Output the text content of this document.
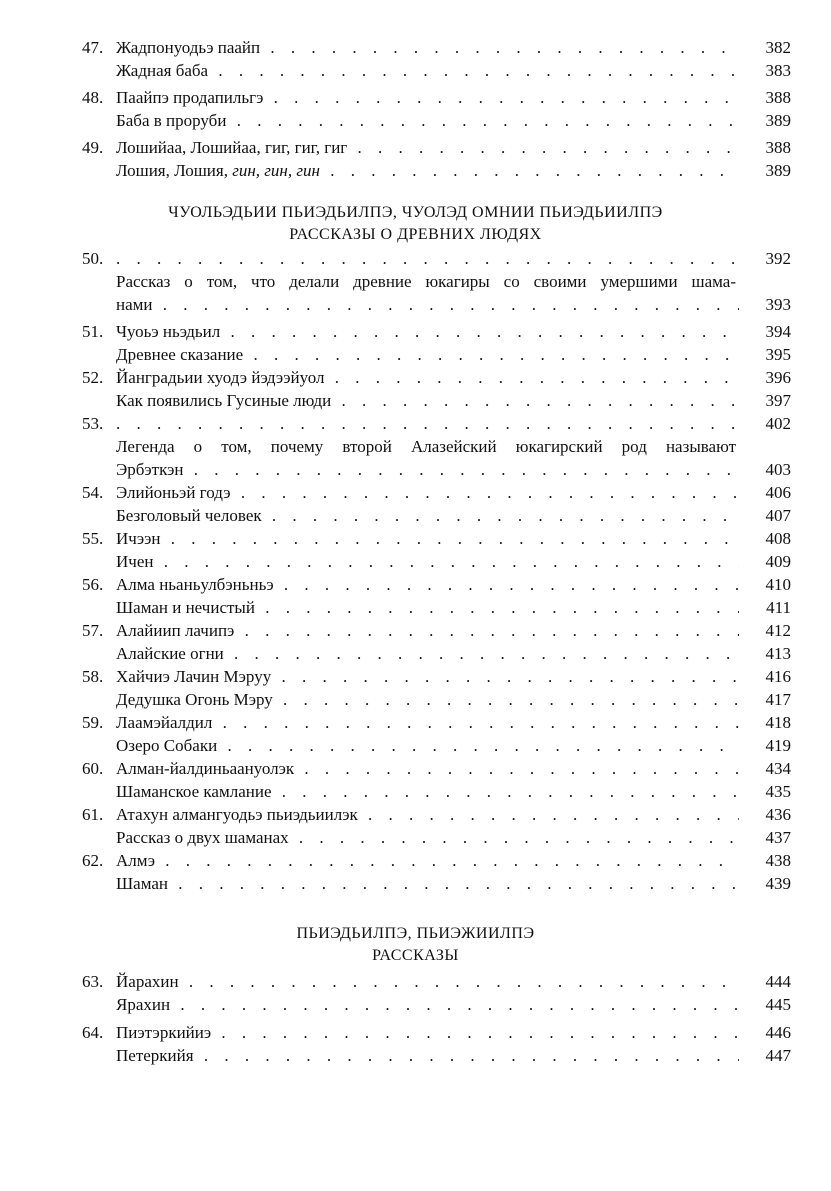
47. Жадпонуодьэ паайп . . .	382
Жадная баба . . .	383
48. Паайпэ продапильгэ . . .	388
Баба в проруби . . .	389
49. Лошийаа, Лошийаа, гиг, гиг, гиг . . .	388
Лошия, Лошия, гин, гин, гин . . .	389
ЧУОЛЬЭДЬИИ ПЬИЭДЬИЛПЭ, ЧУОЛЭД ОМНИИ ПЬИЭДЬИИЛПЭ
РАССКАЗЫ О ДРЕВНИХ ЛЮДЯХ
50. . . .	392
Рассказ о том, что делали древние юкагиры со своими умершими шама-
нами . . .	393
51. Чуоьэ ньэдьил . . .	394
Древнее сказание . . .	395
52. Йанградьии хуодэ йэдээйуол . . .	396
Как появились Гусиные люди . . .	397
53. . . .	402
Легенда о том, почему второй Алазейский юкагирский род называют
Эрбэткэн . . .	403
54. Элийоньэй годэ . . .	406
Безголовый человек . . .	407
55. Ичээн . . .	408
Ичен . . .	409
56. Алма ньаньулбэньньэ . . .	410
Шаман и нечистый . . .	411
57. Алайиип лачипэ . . .	412
Алайские огни . . .	413
58. Хайчиэ Лачин Мэруу . . .	416
Дедушка Огонь Мэру . . .	417
59. Лаамэйалдил . . .	418
Озеро Собаки . . .	419
60. Алман-йалдиньаануолэк . . .	434
Шаманское камлание . . .	435
61. Атахун алмангуодьэ пьиэдьиилэк . . .	436
Рассказ о двух шаманах . . .	437
62. Алмэ . . .	438
Шаман . . .	439
ПЬИЭДЬИЛПЭ, ПЬИЭЖИИЛПЭ
РАССКАЗЫ
63. Йарахин . . .	444
Ярахин . . .	445
64. Пиэтэркийиэ . . .	446
Петеркийя . . .	447
